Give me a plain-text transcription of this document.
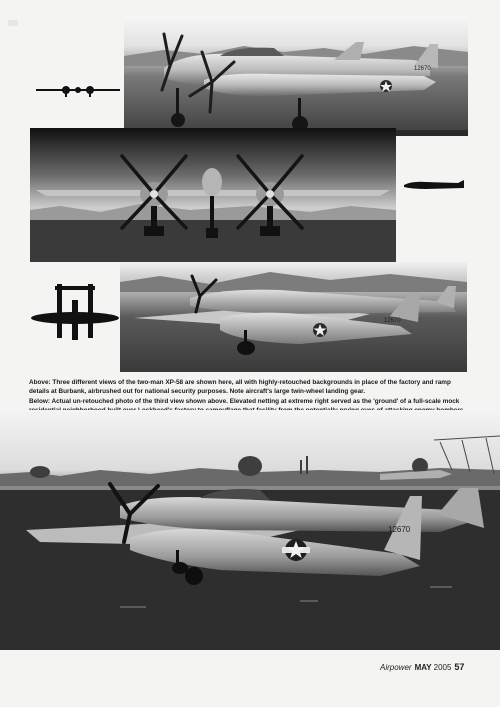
12670
12670
Above: Three different views of the two-man XP-58 are shown here, all with highly-retouched backgrounds in place of the factory and ramp details at Burbank, airbrushed out for national security purposes. Note aircraft's large twin-wheel landing gear.
Below: Actual un-retouched photo of the third view shown above. Elevated netting at extreme right served as the 'ground' of a full-scale mock
12670
Airpower MAY 2005 57
